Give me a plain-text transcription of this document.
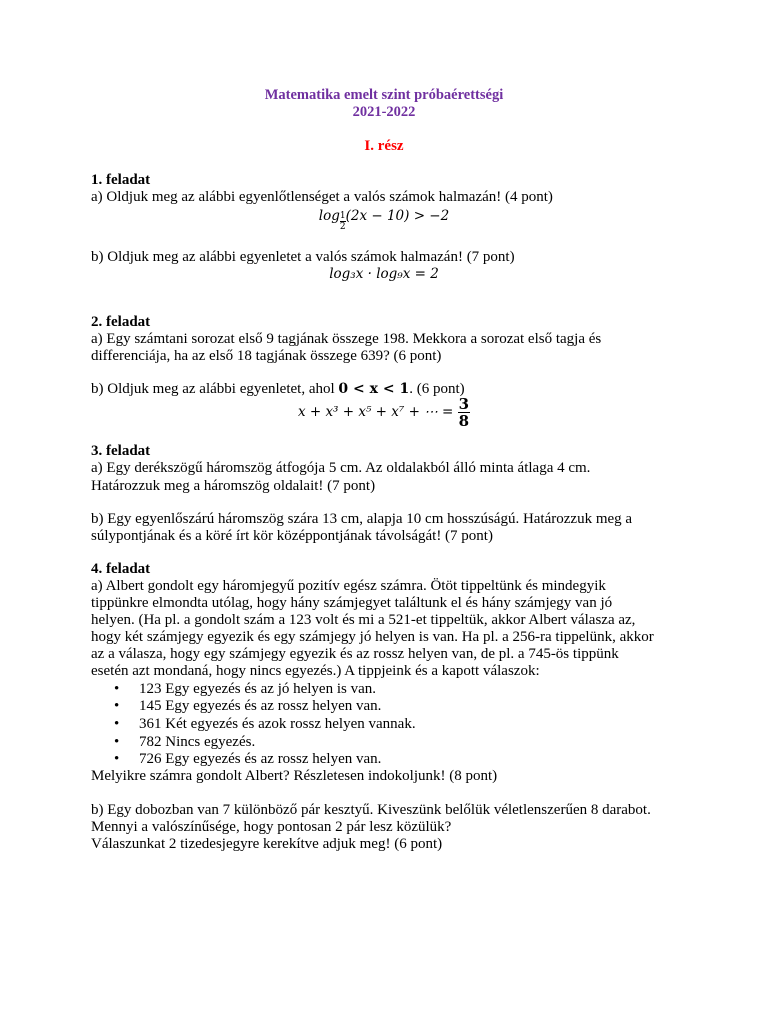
Matematika emelt szint próbaérettségi
2021-2022
I. rész
1. feladat
a) Oldjuk meg az alábbi egyenlőtlenséget a valós számok halmazán! (4 pont)
$\log \frac{1}{2}(2x - 10) > -2$
b) Oldjuk meg az alábbi egyenletet a valós számok halmazán! (7 pont)
log₃x · log₉x = 2
2. feladat
a) Egy számtani sorozat első 9 tagjának összege 198. Mekkora a sorozat első tagja és
differenciája, ha az első 18 tagjának összege 639? (6 pont)
b) Oldjuk meg az alábbi egyenletet, ahol 0 < x < 1. (6 pont)
x + x³ + x⁵ + x⁷ + ⋯ = $\frac{3}{8}$
3. feladat
a) Egy derékszögű háromszög átfogója 5 cm. Az oldalakból álló minta átlaga 4 cm.
Határozzuk meg a háromszög oldalait! (7 pont)
b) Egy egyenlőszárú háromszög szára 13 cm, alapja 10 cm hosszúságú. Határozzuk meg a
súlypontjának és a köré írt kör középpontjának távolságát! (7 pont)
4. feladat
a) Albert gondolt egy háromjegyű pozitív egész számra. Ötöt tippeltünk és mindegyik
tippünkre elmondta utólag, hogy hány számjegyet találtunk el és hány számjegy van jó
helyen. (Ha pl. a gondolt szám a 123 volt és mi a 521-et tippeltük, akkor Albert válasza az,
hogy két számjegy egyezik és egy számjegy jó helyen is van. Ha pl. a 256-ra tippelünk, akkor
az a válasza, hogy egy számjegy egyezik és az rossz helyen van, de pl. a 745-ös tippünk
esetén azt mondaná, hogy nincs egyezés.) A tippjeink és a kapott válaszok:
• 123 Egy egyezés és az jó helyen is van.
• 145 Egy egyezés és az rossz helyen van.
• 361 Két egyezés és azok rossz helyen vannak.
• 782 Nincs egyezés.
• 726 Egy egyezés és az rossz helyen van.
Melyikre számra gondolt Albert? Részletesen indokoljunk! (8 pont)
b) Egy dobozban van 7 különböző pár kesztyű. Kiveszünk belőlük véletlenszerűen 8 darabot.
Mennyi a valószínűsége, hogy pontosan 2 pár lesz közülük?
Válaszunkat 2 tizedesjegyre kerekítve adjuk meg! (6 pont)
